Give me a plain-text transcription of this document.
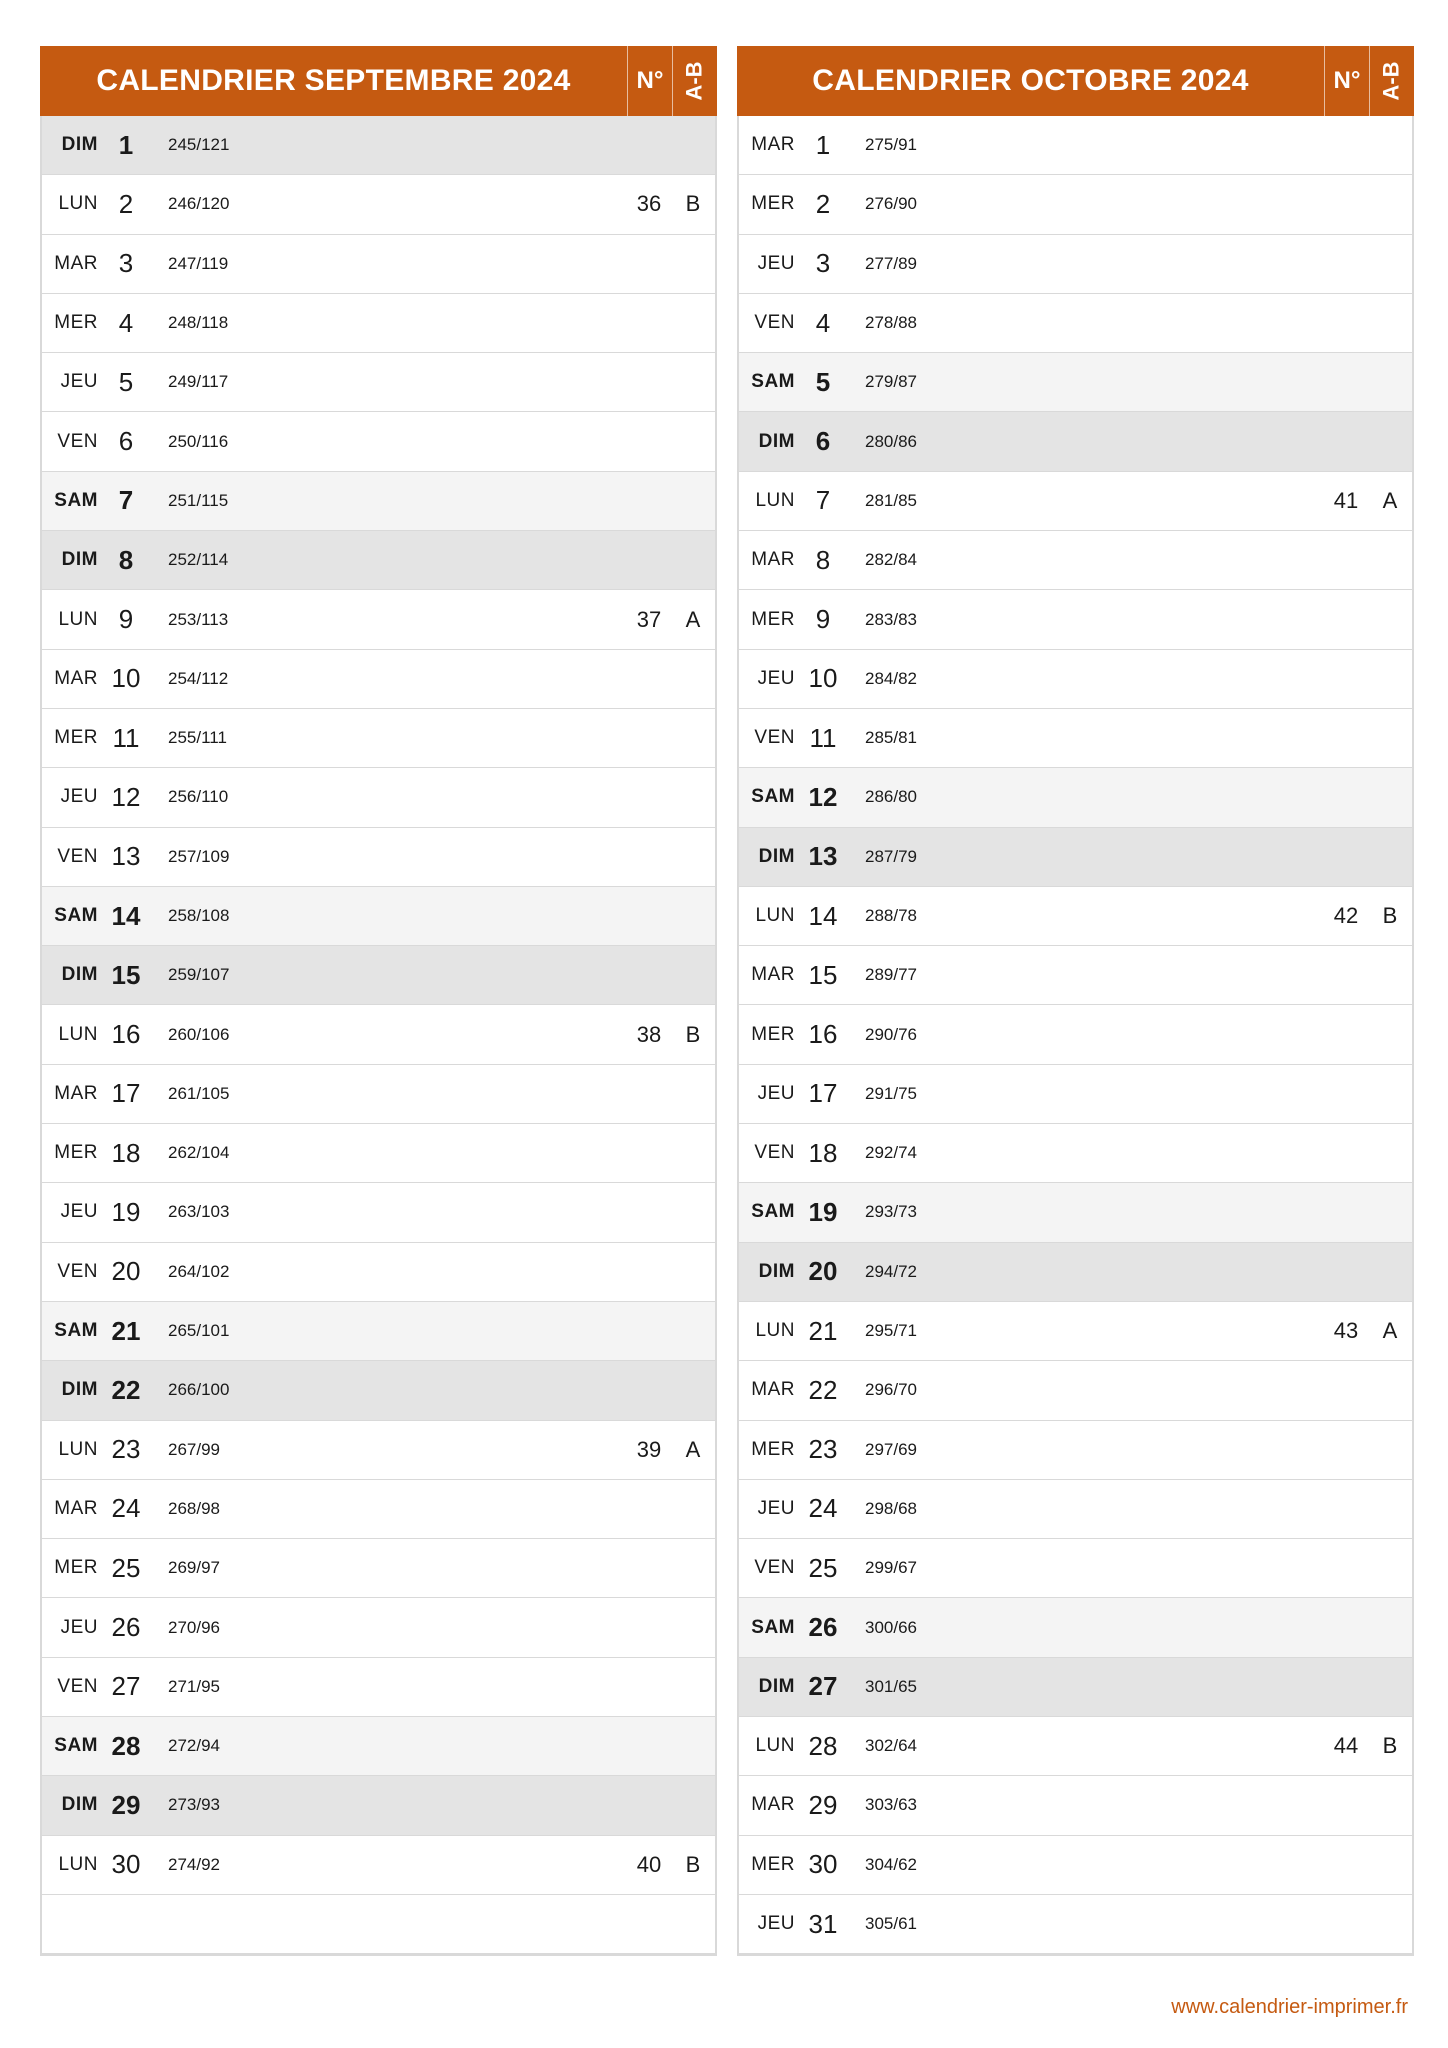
CALENDRIER SEPTEMBRE 2024	N° A-B
DIM 1	245/121
LUN 2	246/120	36	B
MAR 3	247/119
MER 4	248/118
JEU 5	249/117
VEN 6	250/116
SAM 7	251/115
DIM 8	252/114
LUN 9	253/113	37	A
MAR 10	254/112
MER 11	255/111
JEU 12	256/110
VEN 13	257/109
SAM 14	258/108
DIM 15	259/107
LUN 16	260/106	38	B
MAR 17	261/105
MER 18	262/104
JEU 19	263/103
VEN 20	264/102
SAM 21	265/101
DIM 22	266/100
LUN 23	267/99	39	A
MAR 24	268/98
MER 25	269/97
JEU 26	270/96
VEN 27	271/95
SAM 28	272/94
DIM 29	273/93
LUN 30	274/92	40	B
CALENDRIER OCTOBRE 2024	N° A-B
MAR 1	275/91
MER 2	276/90
JEU 3	277/89
VEN 4	278/88
SAM 5	279/87
DIM 6	280/86
LUN 7	281/85	41	A
MAR 8	282/84
MER 9	283/83
JEU 10	284/82
VEN 11	285/81
SAM 12	286/80
DIM 13	287/79
LUN 14	288/78	42	B
MAR 15	289/77
MER 16	290/76
JEU 17	291/75
VEN 18	292/74
SAM 19	293/73
DIM 20	294/72
LUN 21	295/71	43	A
MAR 22	296/70
MER 23	297/69
JEU 24	298/68
VEN 25	299/67
SAM 26	300/66
DIM 27	301/65
LUN 28	302/64	44	B
MAR 29	303/63
MER 30	304/62
JEU 31	305/61
www.calendrier-imprimer.fr
